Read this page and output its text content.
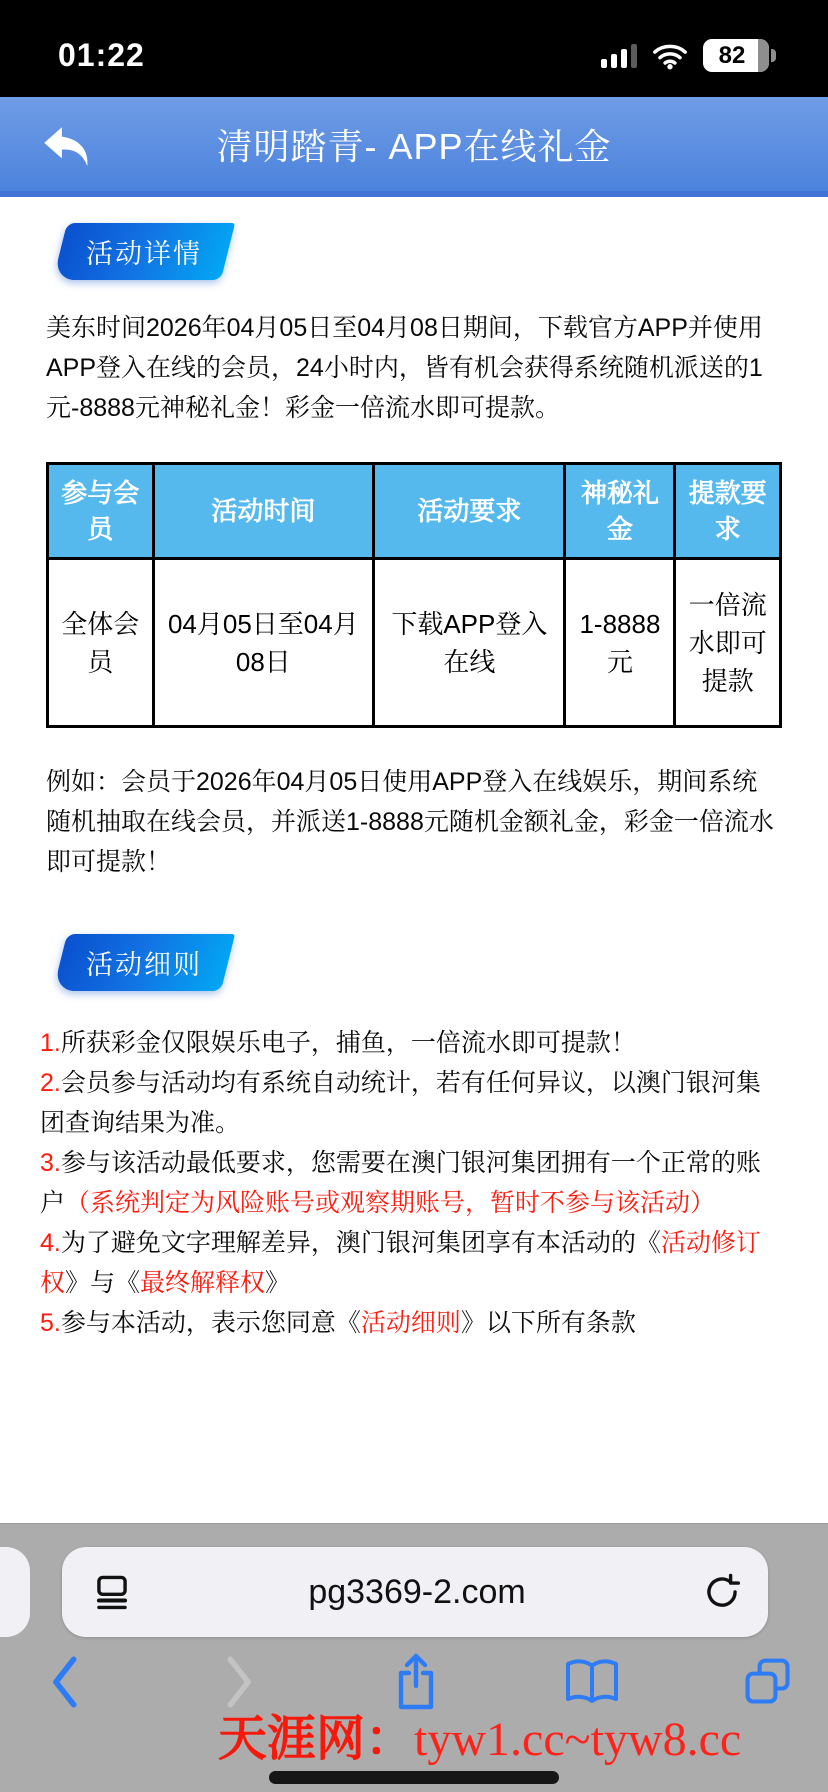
01:22	82
清明踏青- APP在线礼金
活动详情

美东时间2026年04月05日至04月08日期间，下载官方APP并使用APP登入在线的会员，24小时内，皆有机会获得系统随机派送的1元-8888元神秘礼金！彩金一倍流水即可提款。

参与会员	活动时间	活动要求	神秘礼金	提款要求
全体会员	04月05日至04月08日	下载APP登入在线	1-8888元	一倍流水即可提款

例如：会员于2026年04月05日使用APP登入在线娱乐，期间系统随机抽取在线会员，并派送1-8888元随机金额礼金，彩金一倍流水即可提款！

活动细则
1.所获彩金仅限娱乐电子，捕鱼，一倍流水即可提款！
2.会员参与活动均有系统自动统计，若有任何异议，以澳门银河集团查询结果为准。
3.参与该活动最低要求，您需要在澳门银河集团拥有一个正常的账户（系统判定为风险账号或观察期账号，暂时不参与该活动）
4.为了避免文字理解差异，澳门银河集团享有本活动的《活动修订权》与《最终解释权》
5.参与本活动，表示您同意《活动细则》以下所有条款
pg3369-2.com
天涯网：tyw1.cc~tyw8.cc
